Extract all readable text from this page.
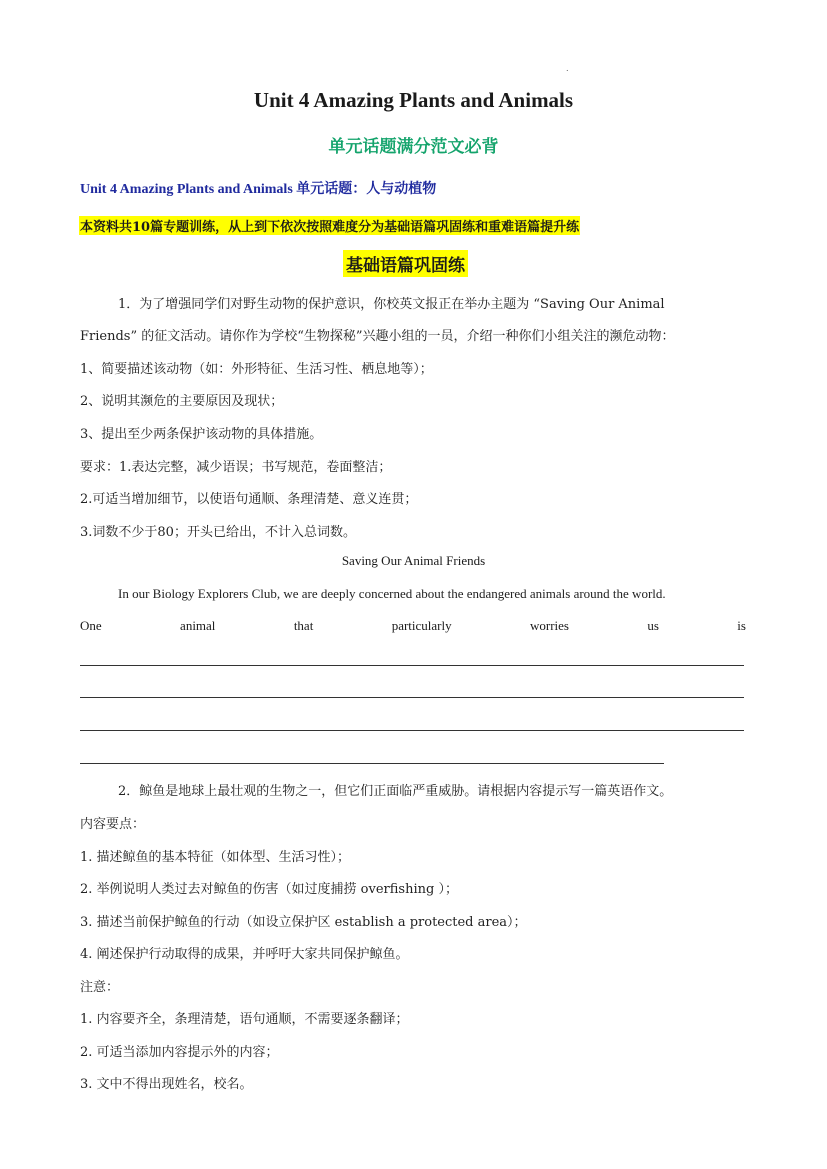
.
Unit 4 Amazing Plants and Animals
单元话题满分范文必背
Unit 4 Amazing Plants and Animals 单元话题：人与动植物
本资料共10篇专题训练，从上到下依次按照难度分为基础语篇巩固练和重难语篇提升练
基础语篇巩固练
1．为了增强同学们对野生动物的保护意识，你校英文报正在举办主题为 “Saving Our Animal
Friends” 的征文活动。请你作为学校“生物探秘”兴趣小组的一员，介绍一种你们小组关注的濒危动物：
1、简要描述该动物（如：外形特征、生活习性、栖息地等）；
2、说明其濒危的主要原因及现状；
3、提出至少两条保护该动物的具体措施。
要求：1.表达完整，减少语误；书写规范，卷面整洁；
2.可适当增加细节，以使语句通顺、条理清楚、意义连贯；
3.词数不少于80；开头已给出，不计入总词数。
Saving Our Animal Friends
In our Biology Explorers Club, we are deeply concerned about the endangered animals around the world.
One	animal	that	particularly	worries	us	is
2．鲸鱼是地球上最壮观的生物之一，但它们正面临严重威胁。请根据内容提示写一篇英语作文。
内容要点：
1. 描述鲸鱼的基本特征（如体型、生活习性）；
2. 举例说明人类过去对鲸鱼的伤害（如过度捕捞 overfishing ）；
3. 描述当前保护鲸鱼的行动（如设立保护区 establish a protected area）；
4. 阐述保护行动取得的成果，并呼吁大家共同保护鲸鱼。
注意：
1. 内容要齐全，条理清楚，语句通顺，不需要逐条翻译；
2. 可适当添加内容提示外的内容；
3. 文中不得出现姓名，校名。
